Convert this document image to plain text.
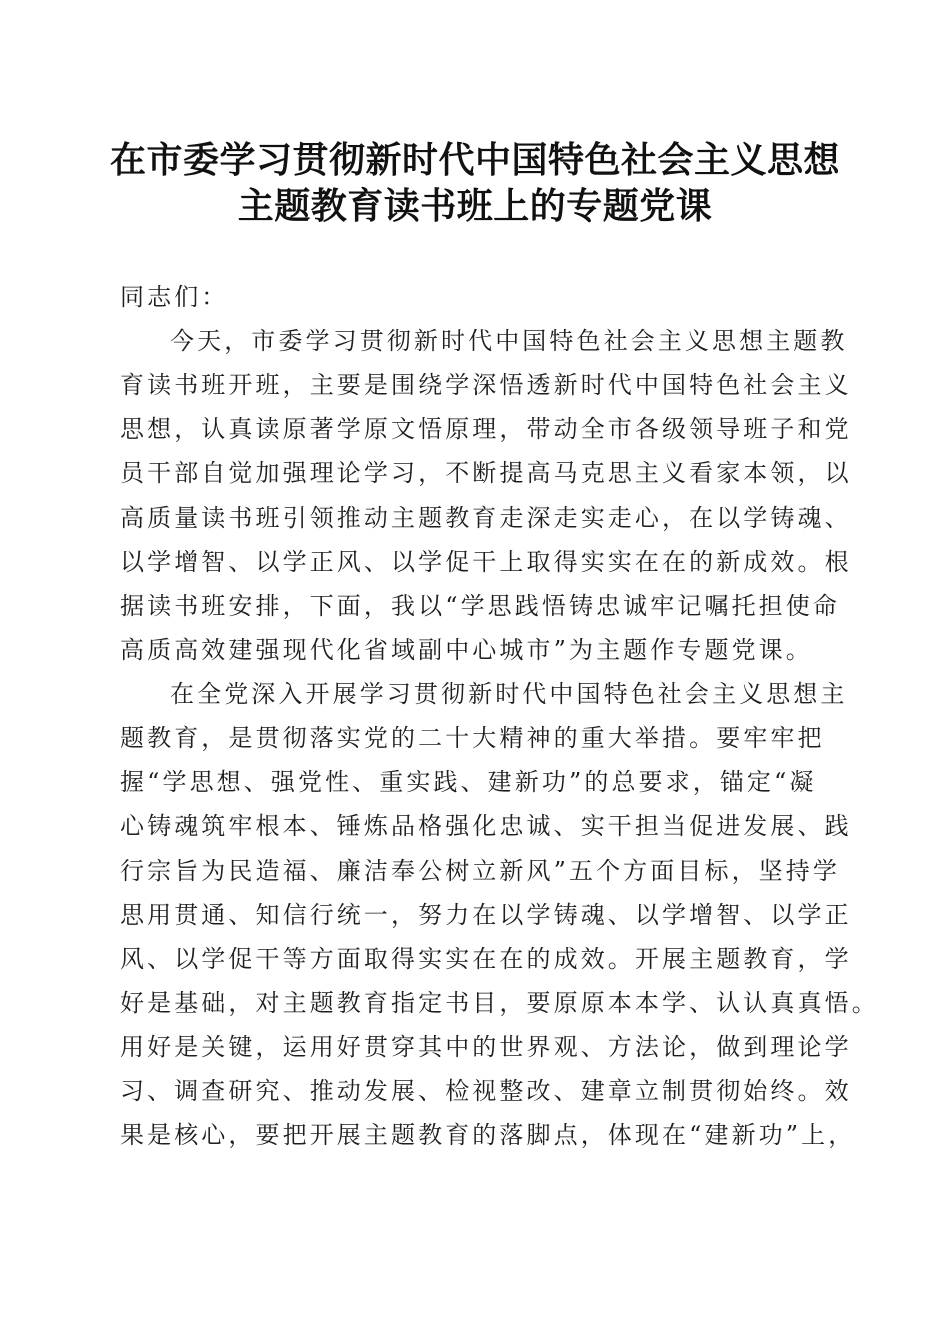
在市委学习贯彻新时代中国特色社会主义思想
主题教育读书班上的专题党课
同志们：
今天，市委学习贯彻新时代中国特色社会主义思想主题教
育读书班开班，主要是围绕学深悟透新时代中国特色社会主义
思想，认真读原著学原文悟原理，带动全市各级领导班子和党
员干部自觉加强理论学习，不断提高马克思主义看家本领，以
高质量读书班引领推动主题教育走深走实走心，在以学铸魂、
以学增智、以学正风、以学促干上取得实实在在的新成效。根
据读书班安排，下面，我以“学思践悟铸忠诚牢记嘱托担使命
高质高效建强现代化省域副中心城市”为主题作专题党课。
在全党深入开展学习贯彻新时代中国特色社会主义思想主
题教育，是贯彻落实党的二十大精神的重大举措。要牢牢把
握“学思想、强党性、重实践、建新功”的总要求，锚定“凝
心铸魂筑牢根本、锤炼品格强化忠诚、实干担当促进发展、践
行宗旨为民造福、廉洁奉公树立新风”五个方面目标，坚持学
思用贯通、知信行统一，努力在以学铸魂、以学增智、以学正
风、以学促干等方面取得实实在在的成效。开展主题教育，学
好是基础，对主题教育指定书目，要原原本本学、认认真真悟。
用好是关键，运用好贯穿其中的世界观、方法论，做到理论学
习、调查研究、推动发展、检视整改、建章立制贯彻始终。效
果是核心，要把开展主题教育的落脚点，体现在“建新功”上，
